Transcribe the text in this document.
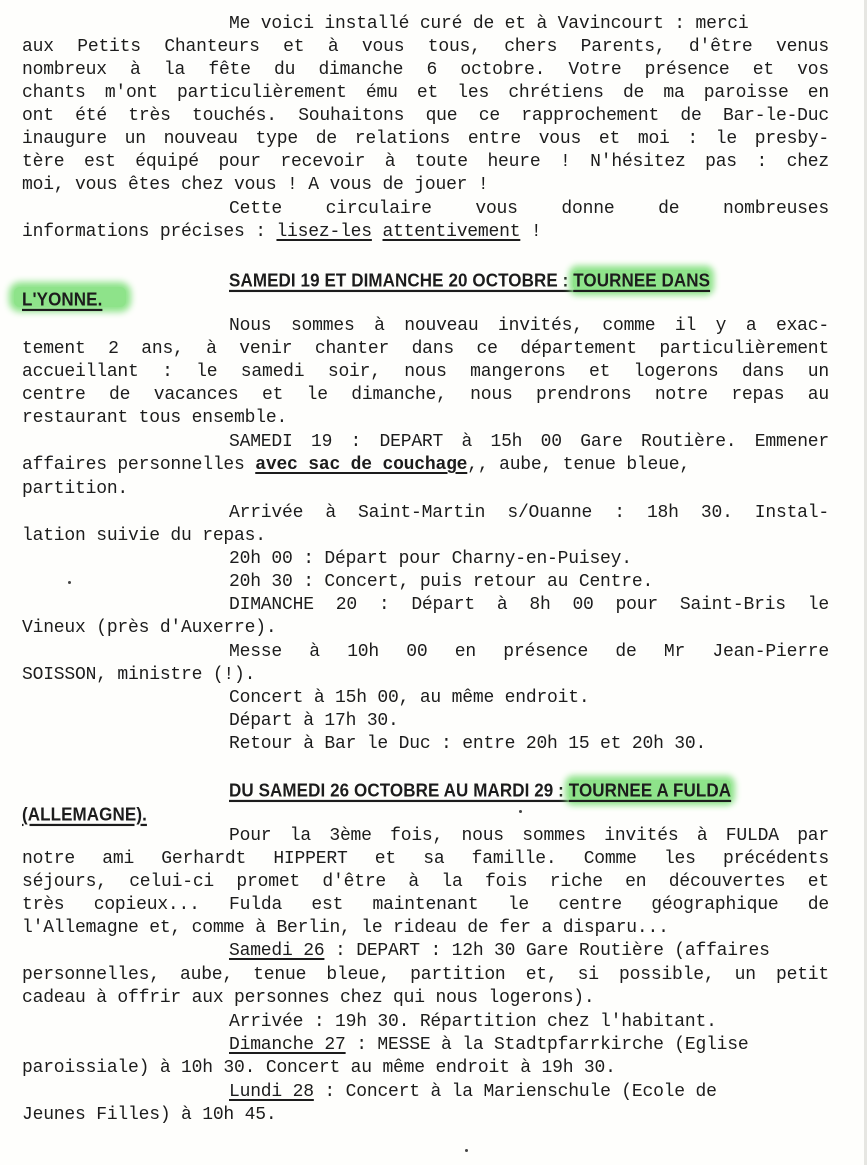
Me voici installé curé de et à Vavincourt : merci
aux Petits Chanteurs et à vous tous, chers Parents, d'être venus
nombreux à la fête du dimanche 6 octobre. Votre présence et vos
chants m'ont particulièrement ému et les chrétiens de ma paroisse en
ont été très touchés. Souhaitons que ce rapprochement de Bar-le-Duc
inaugure un nouveau type de relations entre vous et moi : le presby-
tère est équipé pour recevoir à toute heure ! N'hésitez pas : chez
moi, vous êtes chez vous ! A vous de jouer !
Cette circulaire vous donne de nombreuses
informations précises : lisez-les attentivement !
SAMEDI 19 ET DIMANCHE 20 OCTOBRE : TOURNEE DANS
L'YONNE.
Nous sommes à nouveau invités, comme il y a exac-
tement 2 ans, à venir chanter dans ce département particulièrement
accueillant : le samedi soir, nous mangerons et logerons dans un
centre de vacances et le dimanche, nous prendrons notre repas au
restaurant tous ensemble.
SAMEDI 19 : DEPART à 15h 00 Gare Routière. Emmener
affaires personnelles avec sac de couchage,, aube, tenue bleue,
partition.
Arrivée à Saint-Martin s/Ouanne : 18h 30. Instal-
lation suivie du repas.
20h 00 : Départ pour Charny-en-Puisey.
20h 30 : Concert, puis retour au Centre.
DIMANCHE 20 : Départ à 8h 00 pour Saint-Bris le
Vineux (près d'Auxerre).
Messe à 10h 00 en présence de Mr Jean-Pierre
SOISSON, ministre (!).
Concert à 15h 00, au même endroit.
Départ à 17h 30.
Retour à Bar le Duc : entre 20h 15 et 20h 30.
DU SAMEDI 26 OCTOBRE AU MARDI 29 : TOURNEE A FULDA
(ALLEMAGNE).
Pour la 3ème fois, nous sommes invités à FULDA par
notre ami Gerhardt HIPPERT et sa famille. Comme les précédents
séjours, celui-ci promet d'être à la fois riche en découvertes et
très copieux... Fulda est maintenant le centre géographique de
l'Allemagne et, comme à Berlin, le rideau de fer a disparu...
Samedi 26 : DEPART : 12h 30 Gare Routière (affaires
personnelles, aube, tenue bleue, partition et, si possible, un petit
cadeau à offrir aux personnes chez qui nous logerons).
Arrivée : 19h 30. Répartition chez l'habitant.
Dimanche 27 : MESSE à la Stadtpfarrkirche (Eglise
paroissiale) à 10h 30. Concert au même endroit à 19h 30.
Lundi 28 : Concert à la Marienschule (Ecole de
Jeunes Filles) à 10h 45.
